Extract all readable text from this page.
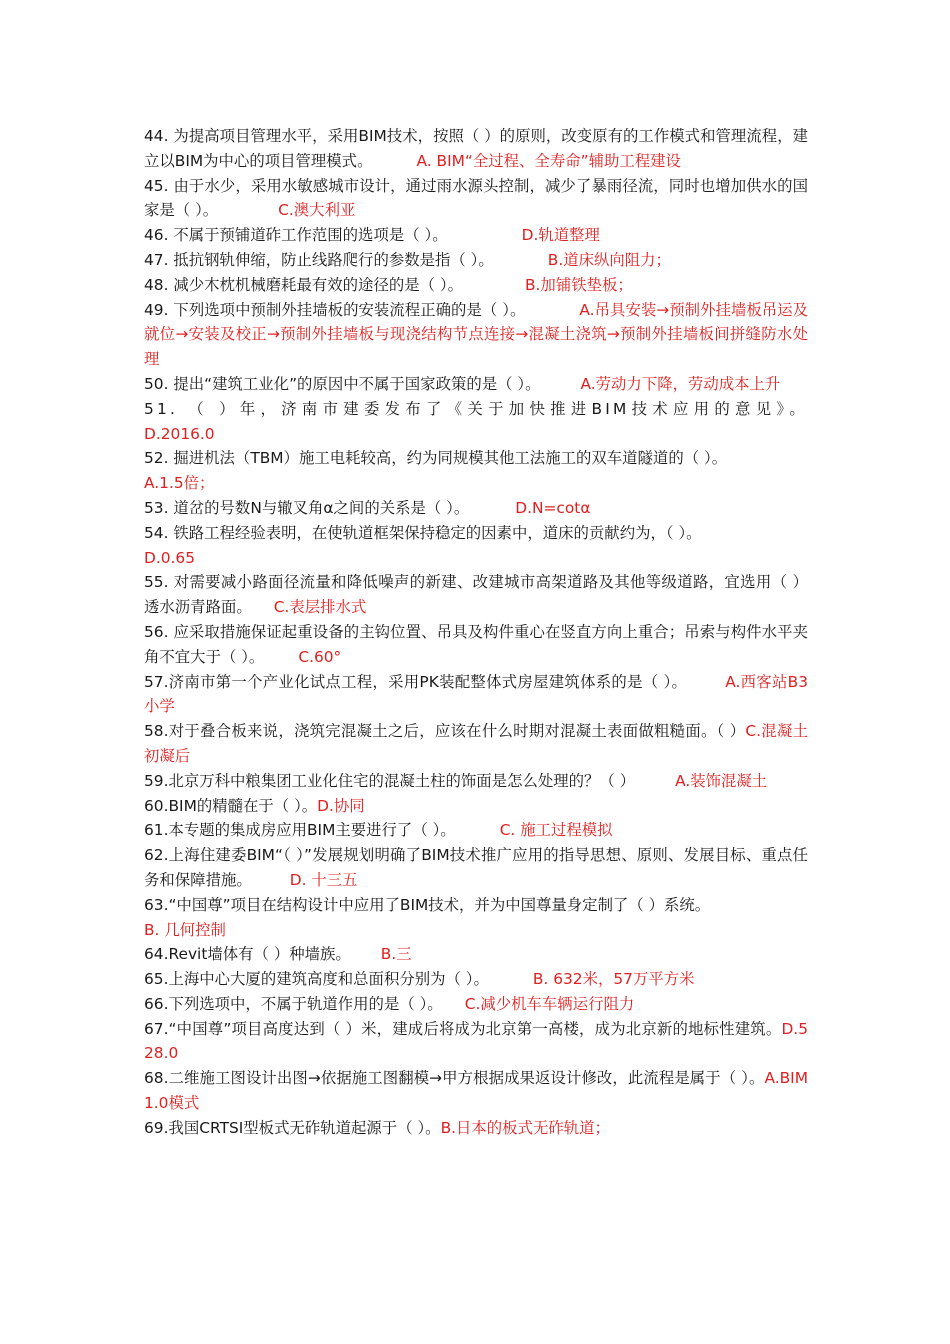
44. 为提高项目管理水平，采用BIM技术，按照（ ）的原则，改变原有的工作模式和管理流程，建立以BIM为中心的项目管理模式。	A. BIM“全过程、全寿命”辅助工程建设

45. 由于水少，采用水敏感城市设计，通过雨水源头控制，减少了暴雨径流，同时也增加供水的国家是（ ）。	C.澳大利亚

46. 不属于预铺道砟工作范围的选项是（ ）。	D.轨道整理

47. 抵抗钢轨伸缩，防止线路爬行的参数是指（ ）。	B.道床纵向阻力；

48. 减少木枕机械磨耗最有效的途径的是（ ）。	B.加铺铁垫板；

49. 下列选项中预制外挂墙板的安装流程正确的是（ ）。	A.吊具安装→预制外挂墙板吊运及就位→安装及校正→预制外挂墙板与现浇结构节点连接→混凝土浇筑→预制外挂墙板间拼缝防水处理

50. 提出“建筑工业化”的原因中不属于国家政策的是（ ）。	A.劳动力下降，劳动成本上升

51. （ ）年，济南市建委发布了《关于加快推进BIM技术应用的意见》。

D.2016.0

52. 掘进机法（TBM）施工电耗较高，约为同规模其他工法施工的双车道隧道的（ ）。
A.1.5倍；

53. 道岔的号数N与辙叉角α之间的关系是（ ）。	D.N=cotα

54. 铁路工程经验表明，在使轨道框架保持稳定的因素中，道床的贡献约为，（ ）。
D.0.65

55. 对需要减小路面径流量和降低噪声的新建、改建城市高架道路及其他等级道路，宜选用（ ）透水沥青路面。 C.表层排水式

56. 应采取措施保证起重设备的主钩位置、吊具及构件重心在竖直方向上重合；吊索与构件水平夹角不宜大于（ ）。 C.60°

57.济南市第一个产业化试点工程，采用PK装配整体式房屋建筑体系的是（ ）。 A.西客站B3小学

58.对于叠合板来说，浇筑完混凝土之后，应该在什么时期对混凝土表面做粗糙面。（ ）C.混凝土初凝后

59.北京万科中粮集团工业化住宅的混凝土柱的饰面是怎么处理的？（ ）	A.装饰混凝土

60.BIM的精髓在于（ ）。D.协同

61.本专题的集成房应用BIM主要进行了（ ）。	C. 施工过程模拟

62.上海住建委BIM“（ ）”发展规划明确了BIM技术推广应用的指导思想、原则、发展目标、重点任务和保障措施。 D. 十三五

63.“中国尊”项目在结构设计中应用了BIM技术，并为中国尊量身定制了（ ）系统。
B. 几何控制

64.Revit墙体有（ ）种墙族。 B.三

65.上海中心大厦的建筑高度和总面积分别为（ ）。	B. 632米，57万平方米

66.下列选项中，不属于轨道作用的是（ ）。 C.减少机车车辆运行阻力

67.“中国尊”项目高度达到（ ）米，建成后将成为北京第一高楼，成为北京新的地标性建筑。D.528.0

68.二维施工图设计出图→依据施工图翻模→甲方根据成果返设计修改，此流程是属于（ ）。A.BIM1.0模式

69.我国CRTSⅠ型板式无砟轨道起源于（ ）。B.日本的板式无砟轨道；
